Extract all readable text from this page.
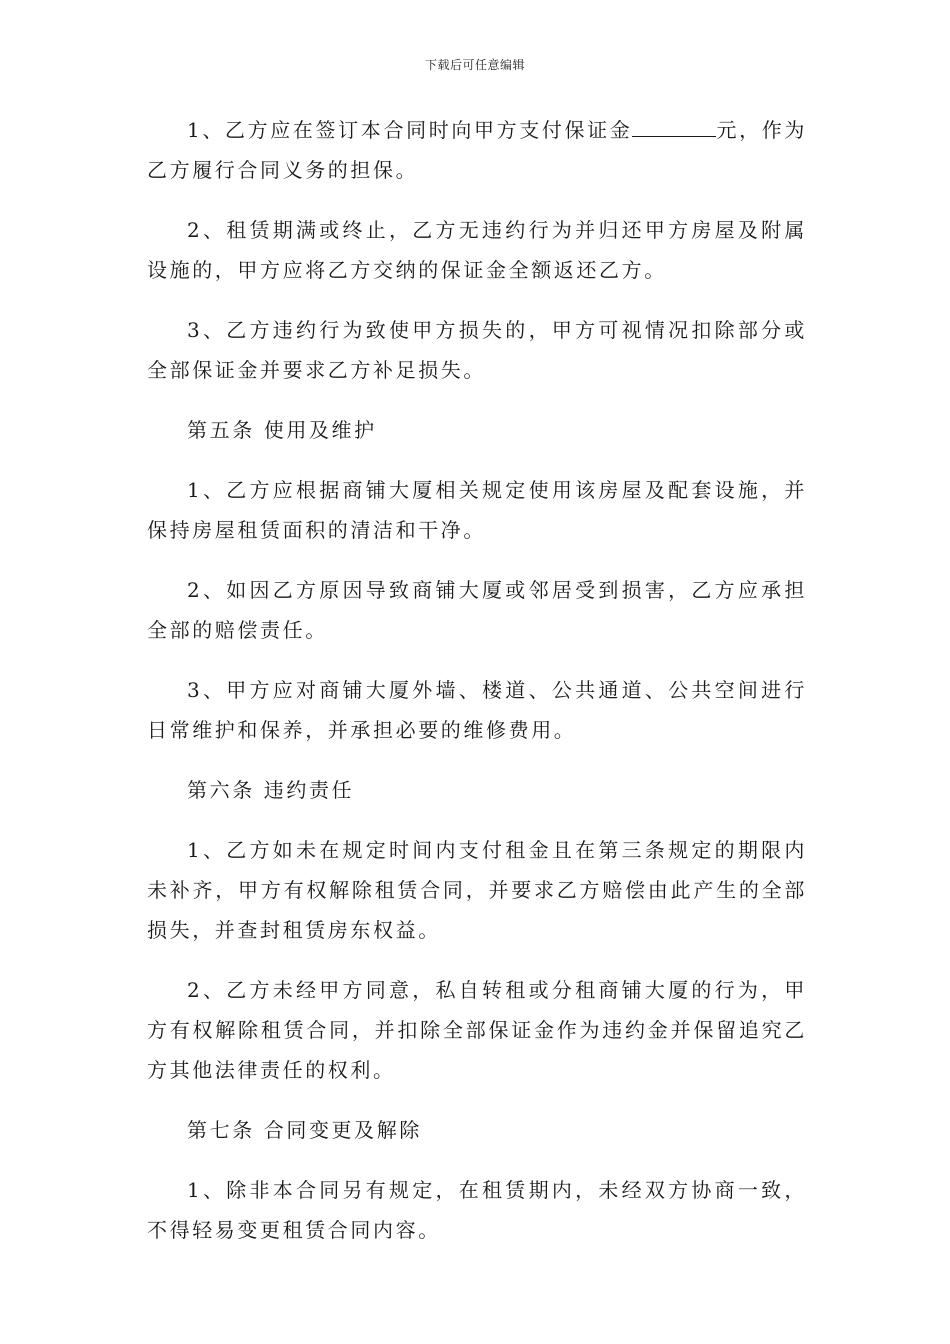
下载后可任意编辑

1、乙方应在签订本合同时向甲方支付保证金	元，作为乙方履行合同义务的担保。

2、租赁期满或终止，乙方无违约行为并归还甲方房屋及附属设施的，甲方应将乙方交纳的保证金全额返还乙方。

3、乙方违约行为致使甲方损失的，甲方可视情况扣除部分或全部保证金并要求乙方补足损失。

第五条 使用及维护

1、乙方应根据商铺大厦相关规定使用该房屋及配套设施，并保持房屋租赁面积的清洁和干净。

2、如因乙方原因导致商铺大厦或邻居受到损害，乙方应承担全部的赔偿责任。

3、甲方应对商铺大厦外墙、楼道、公共通道、公共空间进行日常维护和保养，并承担必要的维修费用。

第六条 违约责任

1、乙方如未在规定时间内支付租金且在第三条规定的期限内未补齐，甲方有权解除租赁合同，并要求乙方赔偿由此产生的全部损失，并查封租赁房东权益。

2、乙方未经甲方同意，私自转租或分租商铺大厦的行为，甲方有权解除租赁合同，并扣除全部保证金作为违约金并保留追究乙方其他法律责任的权利。

第七条 合同变更及解除

1、除非本合同另有规定，在租赁期内，未经双方协商一致，不得轻易变更租赁合同内容。
